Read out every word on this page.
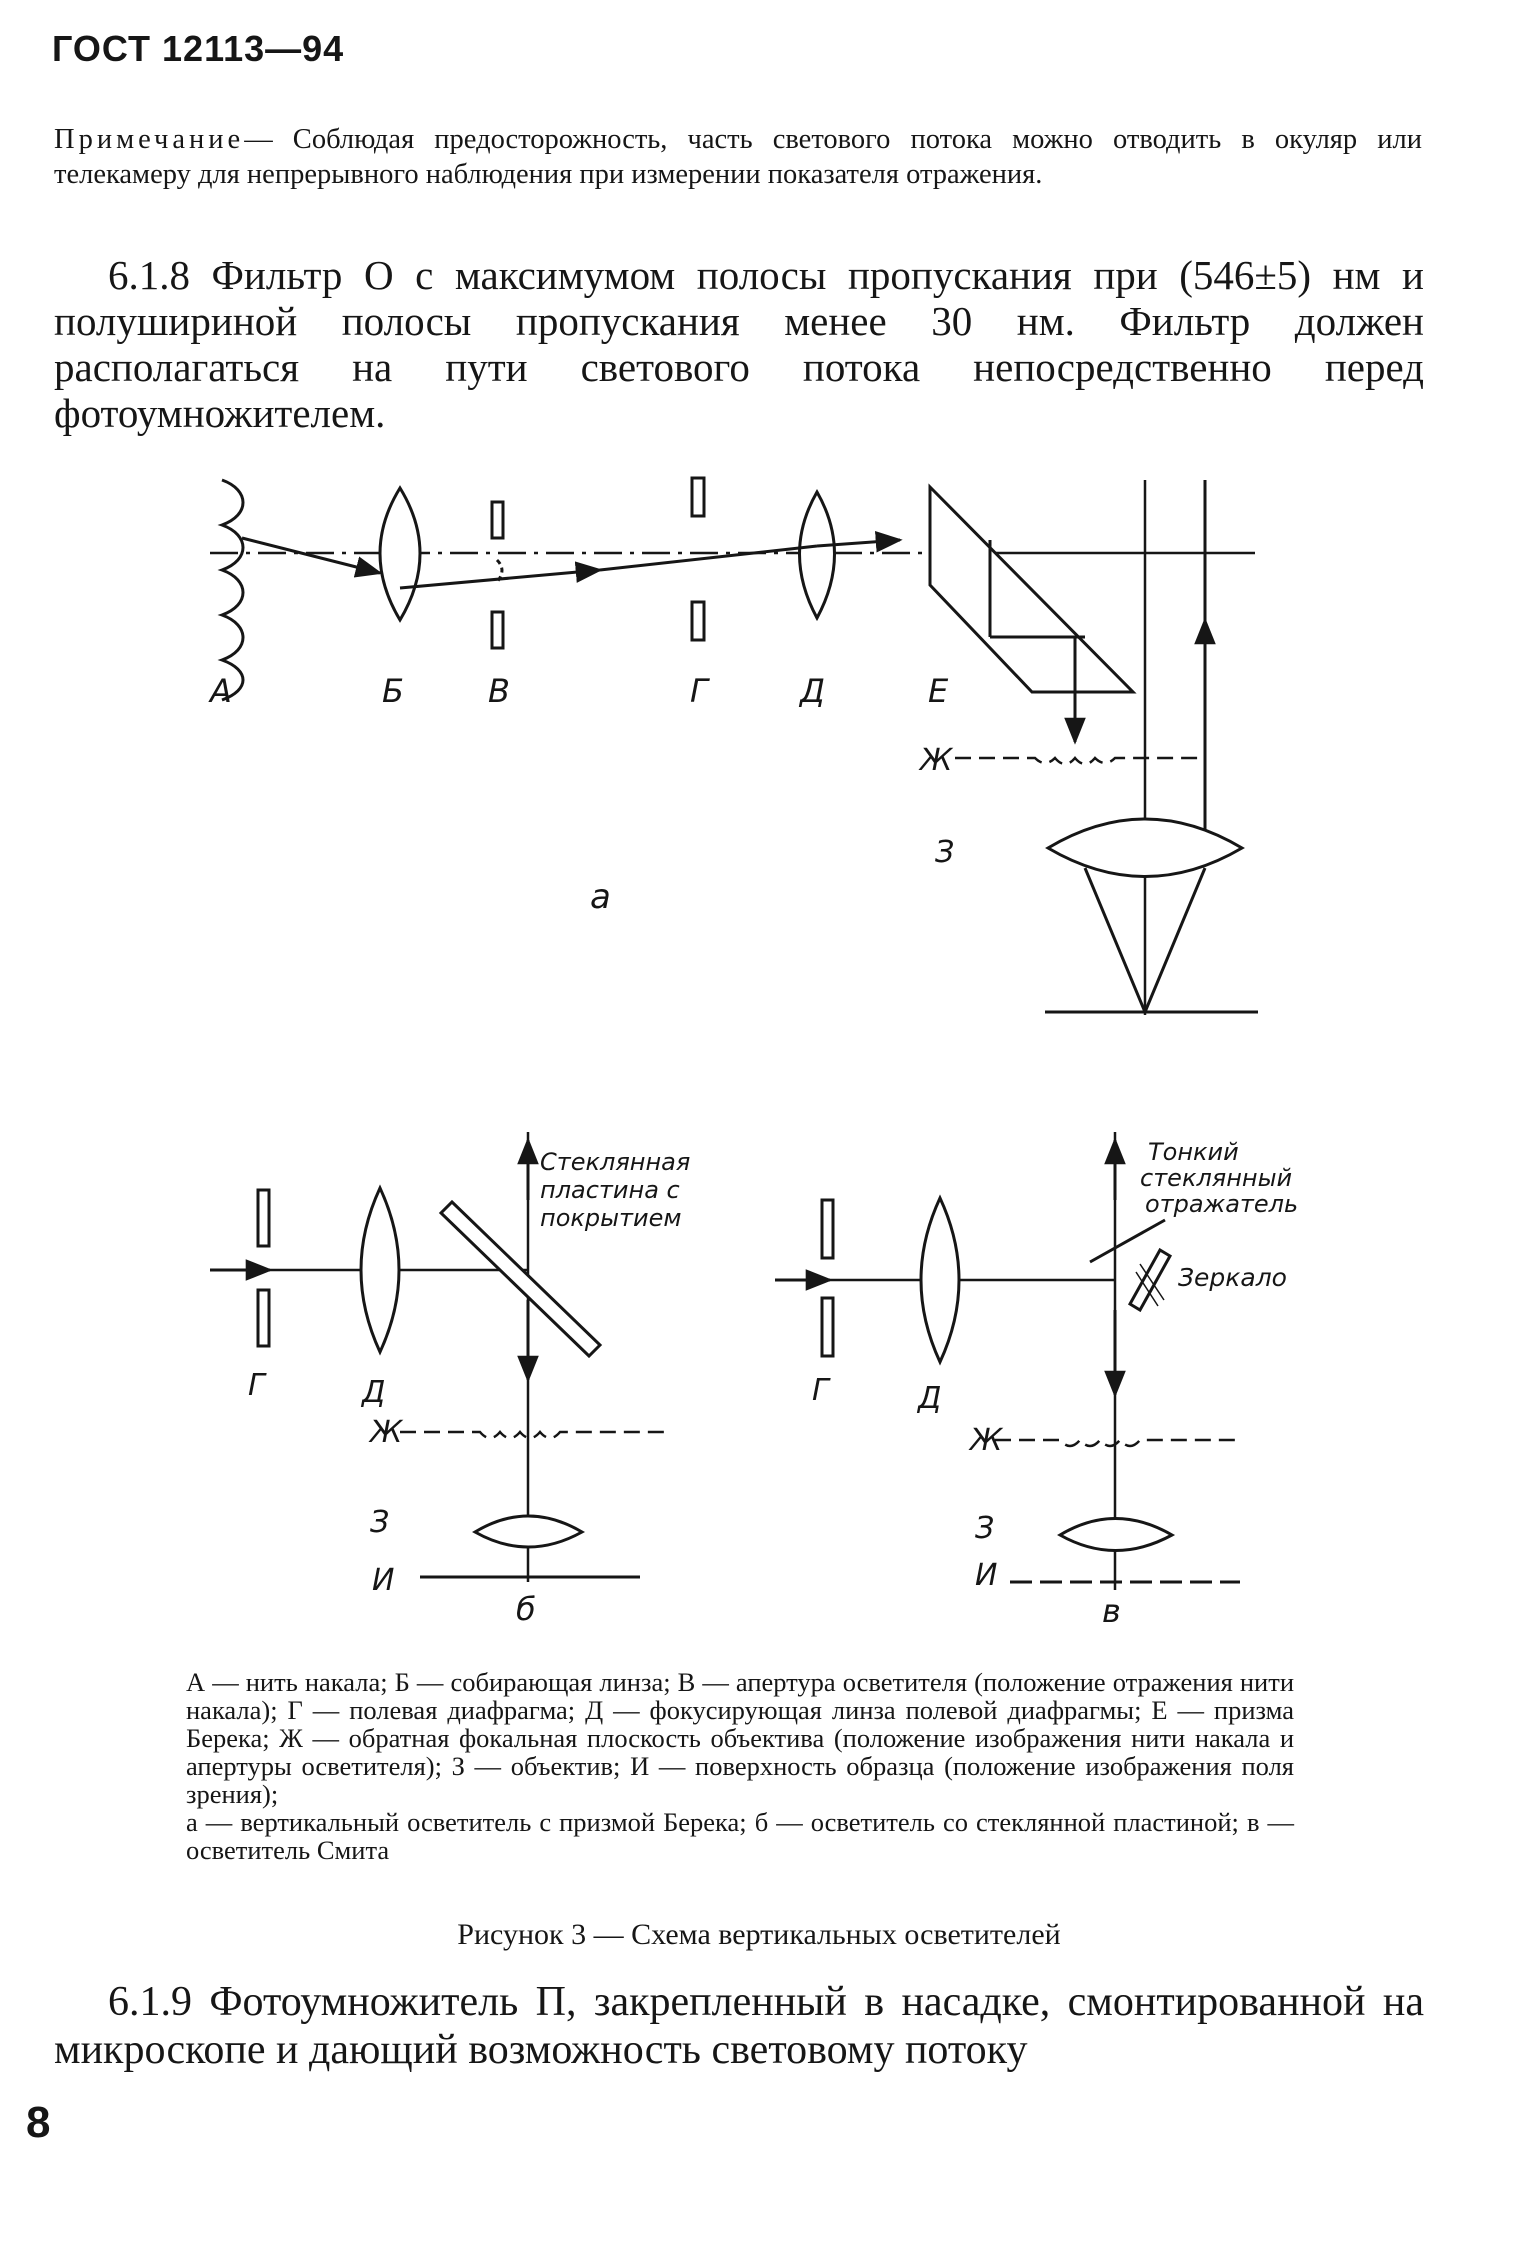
ГОСТ 12113—94
Примечание— Соблюдая предосторожность, часть светового потока можно отводить в окуляр или телекамеру для непрерывного наблюдения при измерении показателя отражения.
6.1.8 Фильтр O с максимумом полосы пропускания при (546±5) нм и полушириной полосы пропускания менее 30 нм. Фильтр должен располагаться на пути светового потока непосредственно перед фотоумножителем.
А	Б	В	Г	Д	Е
Ж
З
а
Г	Д
Ж
З
И
б
Стеклянная
пластина с
покрытием
Г	Д
Ж
З
И
в
Тонкий
стеклянный
отражатель
Зеркало

А — нить накала; Б — собирающая линза; В — апертура осветителя (положение отражения нити накала); Г — полевая диафрагма; Д — фокусирующая линза полевой диафрагмы; Е — призма Берека; Ж — обратная фокальная плоскость объектива (положение изображения нити накала и апертуры осветителя); З — объектив; И — поверхность образца (положение изображения поля зрения);

а — вертикальный осветитель с призмой Берека; б — осветитель со стеклянной пластиной; в — осветитель Смита

Рисунок 3 — Схема вертикальных осветителей
6.1.9 Фотоумножитель П, закрепленный в насадке, смонтированной на микроскопе и дающий возможность световому потоку
8
